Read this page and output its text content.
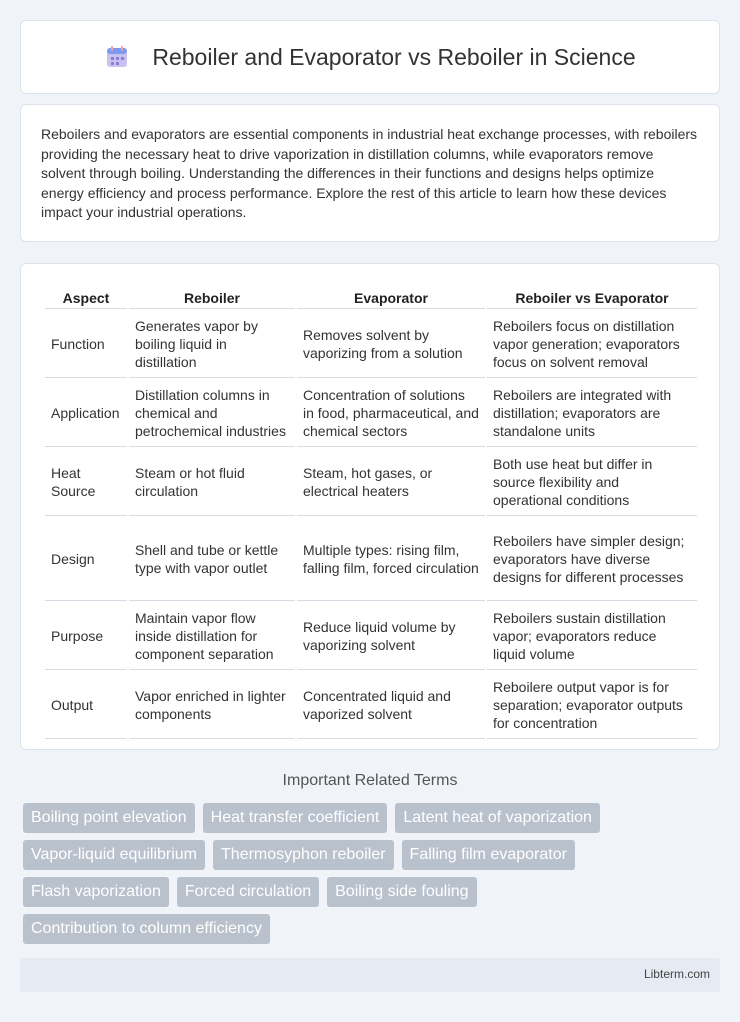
Reboiler and Evaporator vs Reboiler in Science

Reboilers and evaporators are essential components in industrial heat exchange processes, with reboilers providing the necessary heat to drive vaporization in distillation columns, while evaporators remove solvent through boiling. Understanding the differences in their functions and designs helps optimize energy efficiency and process performance. Explore the rest of this article to learn how these devices impact your industrial operations.

Aspect	Reboiler	Evaporator	Reboiler vs Evaporator
Function	Generates vapor by boiling liquid in distillation	Removes solvent by vaporizing from a solution	Reboilers focus on distillation vapor generation; evaporators focus on solvent removal
Application	Distillation columns in chemical and petrochemical industries	Concentration of solutions in food, pharmaceutical, and chemical sectors	Reboilers are integrated with distillation; evaporators are standalone units
Heat Source	Steam or hot fluid circulation	Steam, hot gases, or electrical heaters	Both use heat but differ in source flexibility and operational conditions
Design	Shell and tube or kettle type with vapor outlet	Multiple types: rising film, falling film, forced circulation	Reboilers have simpler design; evaporators have diverse designs for different processes
Purpose	Maintain vapor flow inside distillation for component separation	Reduce liquid volume by vaporizing solvent	Reboilers sustain distillation vapor; evaporators reduce liquid volume
Output	Vapor enriched in lighter components	Concentrated liquid and vaporized solvent	Reboilere output vapor is for separation; evaporator outputs for concentration
Important Related Terms
Boiling point elevation	Heat transfer coefficient	Latent heat of vaporization
Vapor-liquid equilibrium	Thermosyphon reboiler	Falling film evaporator
Flash vaporization	Forced circulation	Boiling side fouling
Contribution to column efficiency
Libterm.com
